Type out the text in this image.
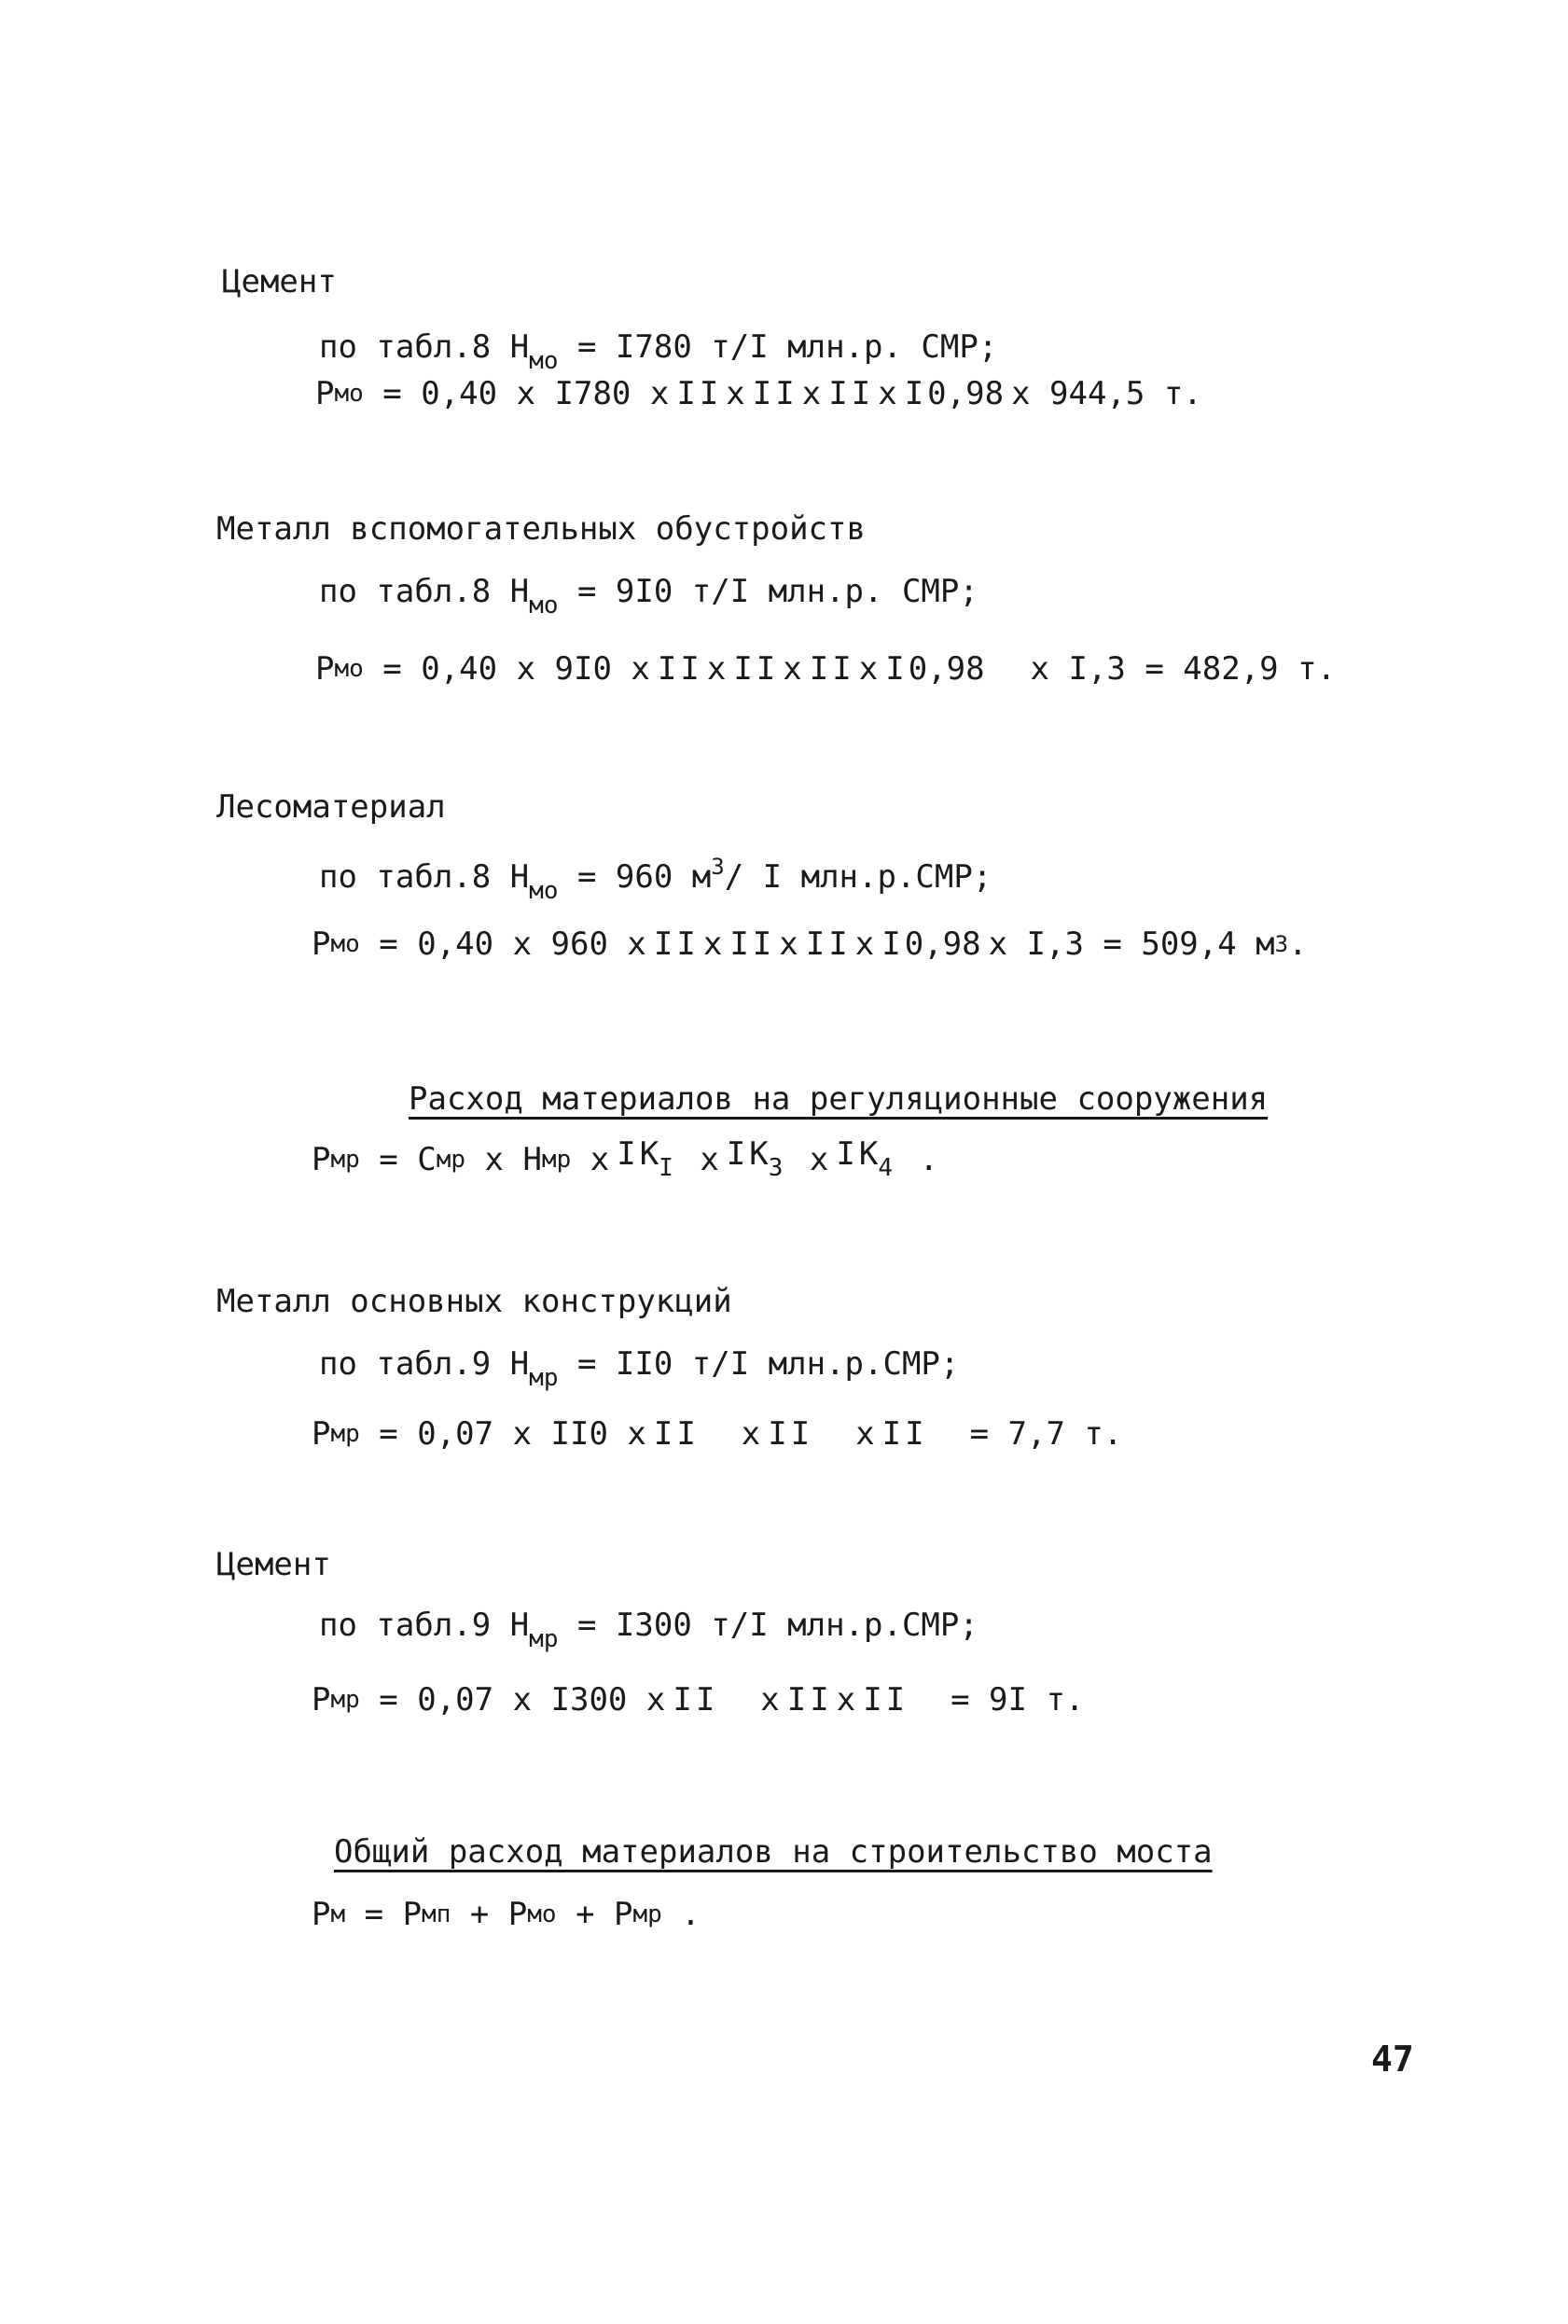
Цемент
по табл.8 $Н_{мо} = I780$ т/I млн.р. СМР;
Р мо
= 0,40 х I780 х I I х I I х I I х I 0,98 х 944,5 т.
Металл вспомогательных обустройств
по табл.8 $Н_{мо} = 9I0$ т/I млн.р. СМР;
Р мо
= 0,40 х 9I0 х I I х I I х I I х I 0,98
х I,3 = 482,9 т.
Лесоматериал
по табл.8 $Н_{мо} = 960$ $м^3/$ I млн.р.СМР;
Р мо
= 0,40 х 960 х I I х I I х I I х I 0,98 х I,3 = 509,4 м 3 .
Расход материалов на регуляционные сооружения
Р мр
= С мр
х Н мр
х I $К_I$
х I $К_3$
х I $К_4$
.
Металл основных конструкций
по табл.9 $Н_{мр} = II0$ т/I млн.р.СМР;
Р мр
= 0,07 х II0 х I I
х I I
х I I
= 7,7 т.
Цемент
по табл.9 $Н_{мр} = I300$ т/I млн.р.СМР;
Р мр
= 0,07 х I300 х I I
х I I х I I
= 9I т.
Общий расход материалов на строительство моста
Р м
= Р мп
+ Р мо
+ Р мр
.
47
